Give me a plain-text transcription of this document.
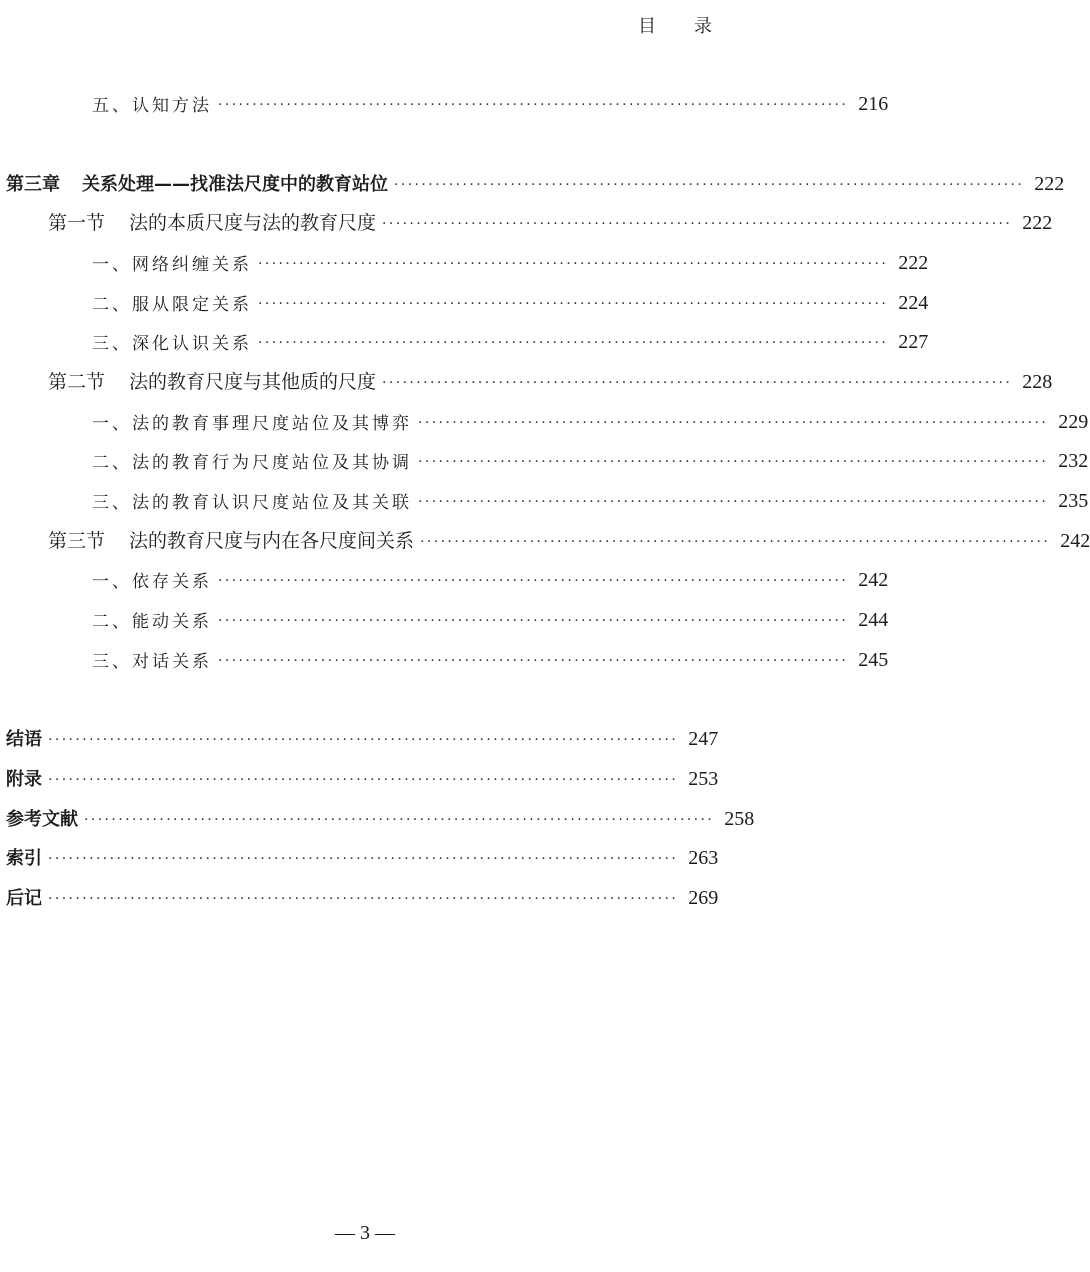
目 录
五、认知方法 ···························································································· 216
第三章 关系处理——找准法尺度中的教育站位 ···························································································· 222
第一节 法的本质尺度与法的教育尺度 ···························································································· 222
一、网络纠缠关系 ···························································································· 222
二、服从限定关系 ···························································································· 224
三、深化认识关系 ···························································································· 227
第二节 法的教育尺度与其他质的尺度 ···························································································· 228
一、法的教育事理尺度站位及其博弈 ···························································································· 229
二、法的教育行为尺度站位及其协调 ···························································································· 232
三、法的教育认识尺度站位及其关联 ···························································································· 235
第三节 法的教育尺度与内在各尺度间关系 ···························································································· 242
一、依存关系 ···························································································· 242
二、能动关系 ···························································································· 244
三、对话关系 ···························································································· 245
结语 ···························································································· 247
附录 ···························································································· 253
参考文献 ···························································································· 258
索引 ···························································································· 263
后记 ···························································································· 269
— 3 —
